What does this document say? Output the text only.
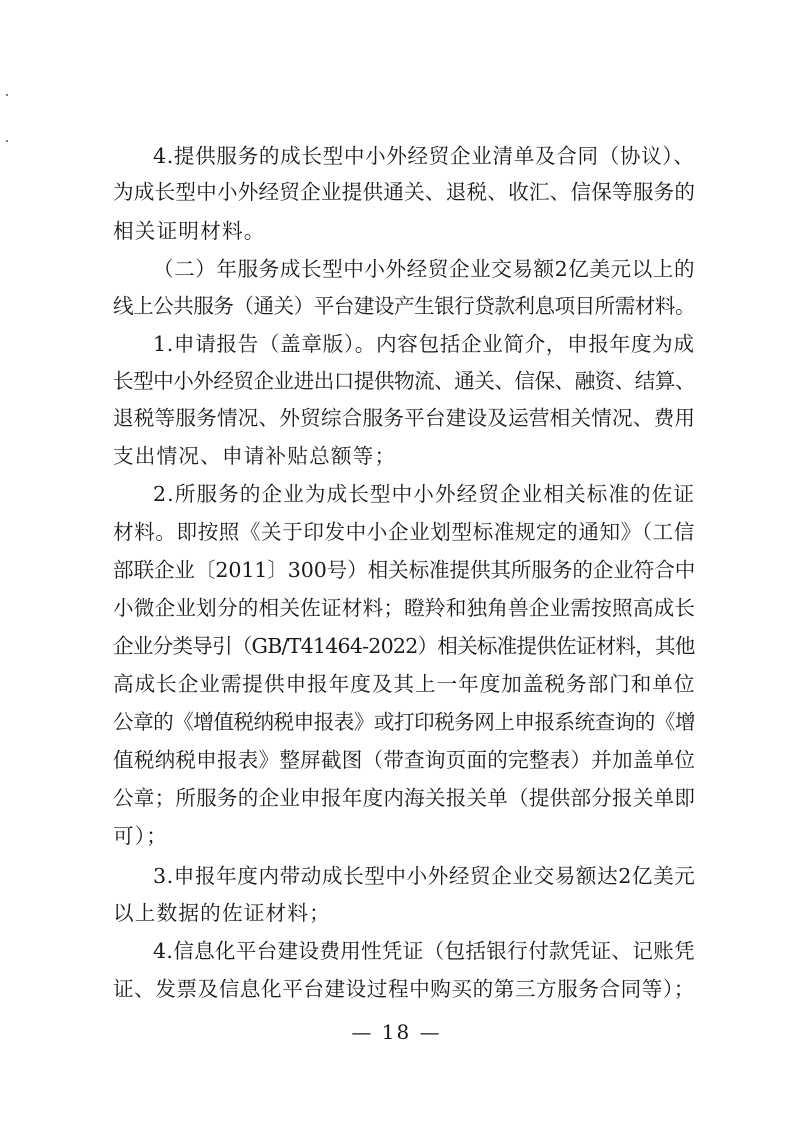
4.提供服务的成长型中小外经贸企业清单及合同（协议）、
为成长型中小外经贸企业提供通关、退税、收汇、信保等服务的
相关证明材料。
（二）年服务成长型中小外经贸企业交易额2亿美元以上的
线上公共服务（通关）平台建设产生银行贷款利息项目所需材料。
1.申请报告（盖章版）。内容包括企业简介，申报年度为成
长型中小外经贸企业进出口提供物流、通关、信保、融资、结算、
退税等服务情况、外贸综合服务平台建设及运营相关情况、费用
支出情况、申请补贴总额等；
2.所服务的企业为成长型中小外经贸企业相关标准的佐证
材料。即按照《关于印发中小企业划型标准规定的通知》（工信
部联企业〔2011〕300号）相关标准提供其所服务的企业符合中
小微企业划分的相关佐证材料；瞪羚和独角兽企业需按照高成长
企业分类导引（GB/T41464-2022）相关标准提供佐证材料，其他
高成长企业需提供申报年度及其上一年度加盖税务部门和单位
公章的《增值税纳税申报表》或打印税务网上申报系统查询的《增
值税纳税申报表》整屏截图（带查询页面的完整表）并加盖单位
公章；所服务的企业申报年度内海关报关单（提供部分报关单即
可）；
3.申报年度内带动成长型中小外经贸企业交易额达2亿美元
以上数据的佐证材料；
4.信息化平台建设费用性凭证（包括银行付款凭证、记账凭
证、发票及信息化平台建设过程中购买的第三方服务合同等）；
— 18 —
